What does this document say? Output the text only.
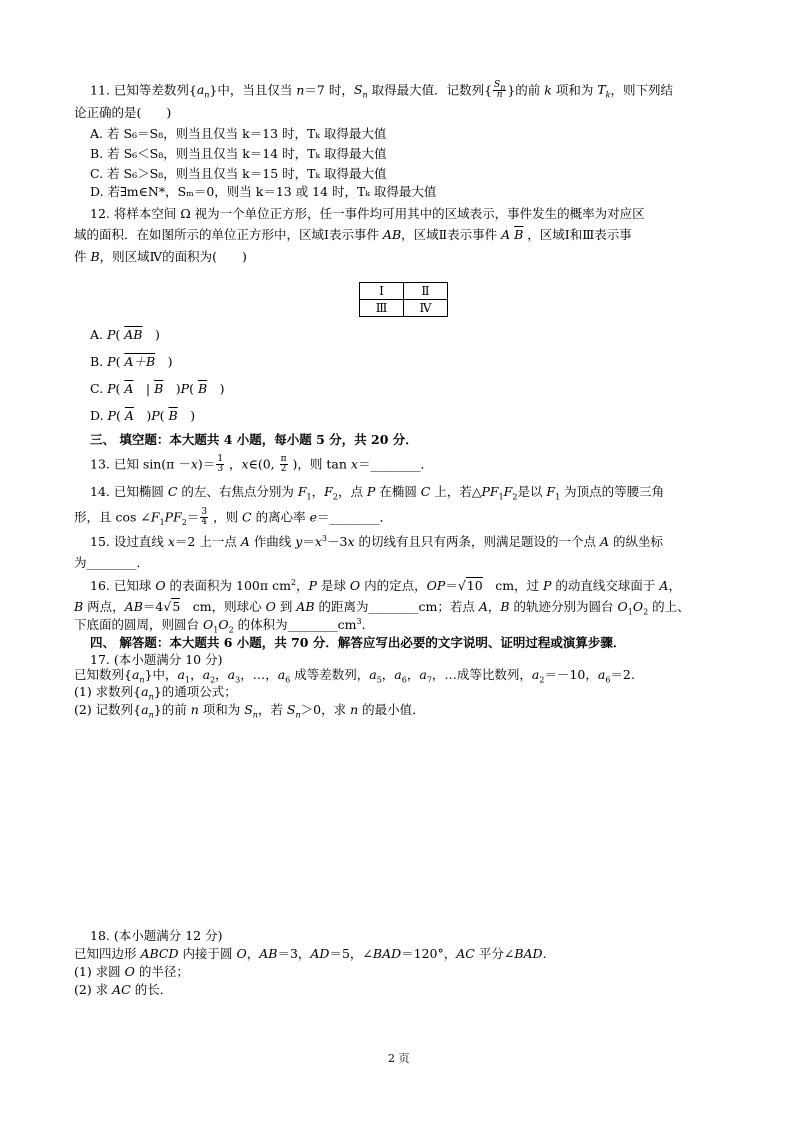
11. 已知等差数列$\{a_n\}$中，当且仅当 n＝7 时，$S_n$ 取得最大值．记数列{ $\frac{S_n}{n}$ }的前 k 项和为 $T_k$，则下列结
论正确的是(　　)
A. 若 S₆＝S₈，则当且仅当 k＝13 时，Tₖ 取得最大值
B. 若 S₆＜S₈，则当且仅当 k＝14 时，Tₖ 取得最大值
C. 若 S₆＞S₈，则当且仅当 k＝15 时，Tₖ 取得最大值
D. 若∃m∈N*，Sₘ＝0，则当 k＝13 或 14 时，Tₖ 取得最大值
12. 将样本空间 Ω 视为一个单位正方形，任一事件均可用其中的区域表示，事件发生的概率为对应区
域的面积．在如图所示的单位正方形中，区域Ⅰ表示事件 AB，区域Ⅱ表示事件 A $\overline{B}$ ，区域Ⅰ和Ⅲ表示事
件 B，则区域Ⅳ的面积为(　　)
Ⅰ	Ⅱ
Ⅲ	Ⅳ
A. P( $\overline{AB}$　)
B. P( A＋B　)
C. P( $\overline{A}$　| $\overline{B}$　)P( $\overline{B}$　)
D. P( $\overline{A}$　)P( $\overline{B}$　)
三、 填空题：本大题共 4 小题，每小题 5 分，共 20 分．
13. 已知 $\sin(\pi -x)= \frac{1}{3}$ ，x∈(0, $\frac{\pi}{2}$ )，则 tan x＝________．
14. 已知椭圆 C 的左、右焦点分别为 $F_1$，$F_2$，点 P 在椭圆 C 上，若$\triangle PF_1F_2$是以 $F_1$ 为顶点的等腰三角
形，且 $\cos \angle F_1PF_2= \frac{3}{4}$ ，则 C 的离心率 e＝________．
15. 设过直线 x＝2 上一点 A 作曲线 $y=x^3-3x$ 的切线有且只有两条，则满足题设的一个点 A 的纵坐标
为________．
16. 已知球 O 的表面积为 100π $cm^2$，P 是球 O 内的定点，OP＝√10　cm，过 P 的动直线交球面于 A，
B 两点，AB＝4√5　cm，则球心 O 到 AB 的距离为________cm；若点 A，B 的轨迹分别为圆台 $O_1O_2$ 的上、
下底面的圆周，则圆台 $O_1O_2$ 的体积为$\_\_\_\_\_\_\_\_cm^3$．
四、 解答题：本大题共 6 小题，共 70 分．解答应写出必要的文字说明、证明过程或演算步骤．
17. (本小题满分 10 分)
已知数列$\{a_n\}$中，$a_1$，$a_2$，$a_3$，…，$a_6$ 成等差数列，$a_5$，$a_6$，$a_7$，…成等比数列，$a_2=-10$，$a_6=2$.
(1) 求数列$\{a_n\}$的通项公式；
(2) 记数列$\{a_n\}$的前 n 项和为 $S_n$，若 $S_n>0$，求 n 的最小值．
18. (本小题满分 12 分)
已知四边形 ABCD 内接于圆 O，AB＝3，AD＝5，∠BAD＝120°，AC 平分∠BAD.
(1) 求圆 O 的半径；
(2) 求 AC 的长．
2 页
